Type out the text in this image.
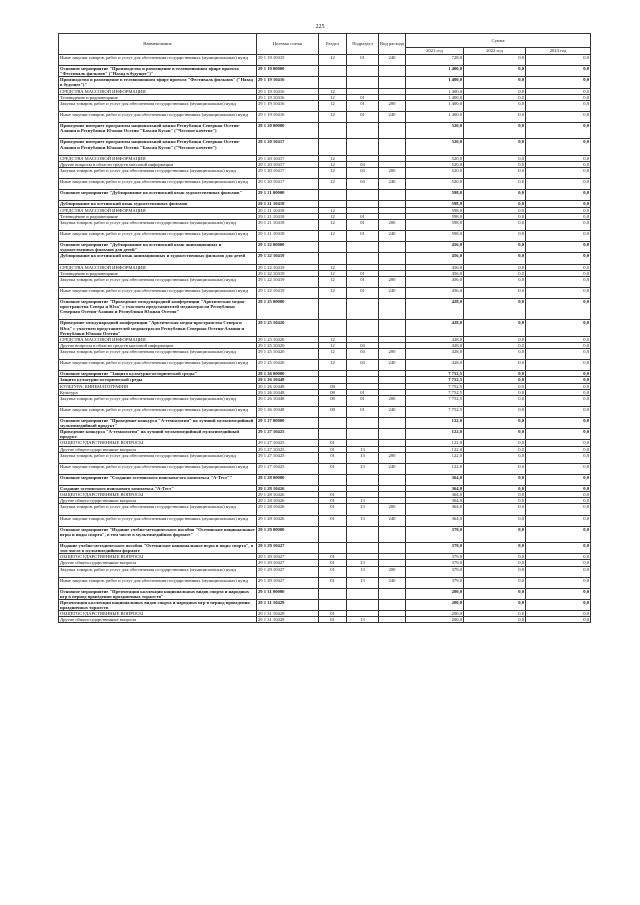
225
Наименование	Целевая статья	Раздел	Подраздел	Вид расхода	Сумма		
					2021 год	2022 год	2023 год
Иные закупки товаров, работ и услуг для обеспечения государственных (муниципальных) нужд	29 1 19 10415	12	01	240	728,0	0,0	0,0
Основное мероприятие "Производство и размещение в телевизионном эфире проекта "Фестиваль фильмов" ("Назад в будущее")"	29 1 19 00000				1 400,0	0,0	0,0
Производство и размещение в телевизионном эфире проекта "Фестиваль фильмов" ("Назад в будущее")"	29 1 19 10416				1 400,0	0,0	0,0
СРЕДСТВА МАССОВОЙ ИНФОРМАЦИИ	29 1 19 10416	12			1 400,0	0,0	0,0
Телевидение и радиовещание	29 1 19 10416	12	01		1 400,0	0,0	0,0
Закупка товаров, работ и услуг для обеспечения государственных (муниципальных) нужд	29 1 19 10416	12	01	200	1 400,0	0,0	0,0
Иные закупки товаров, работ и услуг для обеспечения государственных (муниципальных) нужд	29 1 19 10416	12	01	240	1 400,0	0,0	0,0
Проведение интернет программы национальной квизы Республики Северная Осетия-Алания и Республики Южная Осетия "Бахсан Кусон" ("Честное кочетие")	29 1 20 00000				520,0	0,0	0,0
Проведение интернет программы национальной квизы Республики Северная Осетия-Алания и Республики Южная Осетия "Бахсан Кусон" ("Честное кочетие")	29 1 20 10417				520,0	0,0	0,0
СРЕДСТВА МАССОВОЙ ИНФОРМАЦИИ	29 1 20 10417	12			520,0	0,0	0,0
Другие вопросы в области средств массовой информации	29 1 20 10417	12	04		520,0	0,0	0,0
Закупка товаров, работ и услуг для обеспечения государственных (муниципальных) нужд	29 1 20 10417	12	04	200	520,0	0,0	0,0
Иные закупки товаров, работ и услуг для обеспечения государственных (муниципальных) нужд	29 1 20 10417	12	04	240	520,0	0,0	0,0
Основное мероприятие "Дублирование на осетинский язык художественных фильмов"	29 1 21 00000				598,0	0,0	0,0
Дублирование на осетинский язык художественных фильмов	29 1 21 10418				598,0	0,0	0,0
СРЕДСТВА МАССОВОЙ ИНФОРМАЦИИ	29 1 21 10418	12			598,0	0,0	0,0
Телевидение и радиовещание	29 1 21 10418	12	01		598,0	0,0	0,0
Закупка товаров, работ и услуг для обеспечения государственных (муниципальных) нужд	29 1 21 10418	12	01	200	598,0	0,0	0,0
Иные закупки товаров, работ и услуг для обеспечения государственных (муниципальных) нужд	29 1 21 10418	12	01	240	598,0	0,0	0,0
Основное мероприятие "Дублирование на осетинский язык анимационных и художественных фильмов для детей"	29 1 22 00000				456,0	0,0	0,0
Дублирование на осетинский язык анимационных и художественных фильмов для детей	29 1 22 10419				456,0	0,0	0,0
СРЕДСТВА МАССОВОЙ ИНФОРМАЦИИ	29 1 22 10419	12			456,0	0,0	0,0
Телевидение и радиовещание	29 1 22 10419	12	01		456,0	0,0	0,0
Закупка товаров, работ и услуг для обеспечения государственных (муниципальных) нужд	29 1 22 10419	12	01	200	456,0	0,0	0,0
Иные закупки товаров, работ и услуг для обеспечения государственных (муниципальных) нужд	29 1 22 10419	12	01	240	456,0	0,0	0,0
Основное мероприятие "Проведение международной конференции "Арктическая медиа-пространства Севера и Юга" с участием представителей медиаотрасли Республики Северная Осетия-Алания и Республики Южная Осетия"	29 1 25 00000				428,0	0,0	0,0
Проведение международной конференции "Арктическая медиа-пространства Севера и Юга" с участием представителей медиаотрасли Республики Северная Осетия-Алания и Республики Южная Осетия"	29 1 25 10420				428,0	0,0	0,0
СРЕДСТВА МАССОВОЙ ИНФОРМАЦИИ	29 1 25 10420	12			428,0	0,0	0,0
Другие вопросы в области средств массовой информации	29 1 25 10420	12	04		428,0	0,0	0,0
Закупка товаров, работ и услуг для обеспечения государственных (муниципальных) нужд	29 1 25 10420	12	04	200	428,0	0,0	0,0
Иные закупки товаров, работ и услуг для обеспечения государственных (муниципальных) нужд	29 1 25 10420	12	04	240	428,0	0,0	0,0
Основное мероприятие "Защита культурно-исторической среды"	29 1 26 00000				7 752,5	0,0	0,0
Защита культурно-исторической среды	29 1 26 10448				7 752,5	0,0	0,0
КУЛЬТУРА, КИНЕМАТОГРАФИЯ	29 1 26 10448	08			7 752,5	0,0	0,0
Культура	29 1 26 10448	08	01		7 752,5	0,0	0,0
Закупка товаров, работ и услуг для обеспечения государственных (муниципальных) нужд	29 1 26 10448	08	01	200	7 752,5	0,0	0,0
Иные закупки товаров, работ и услуг для обеспечения государственных (муниципальных) нужд	29 1 26 10448	08	01	240	7 752,5	0,0	0,0
Основное мероприятие "Проведение конкурса "А-технология" на лучший мультимедийный мультимедийный продукт"	29 1 27 00000				122,0	0,0	0,0
Проведение конкурса "А-технология" на лучший мультимедийный мультимедийный продукт	29 1 27 10425				122,0	0,0	0,0
ОБЩЕГОСУДАРСТВЕННЫЕ ВОПРОСЫ	29 1 27 10425	01			122,0	0,0	0,0
Другие общегосударственные вопросы	29 1 27 10425	01	13		122,0	0,0	0,0
Закупка товаров, работ и услуг для обеспечения государственных (муниципальных) нужд	29 1 27 10425	01	13	200	122,0	0,0	0,0
Иные закупки товаров, работ и услуг для обеспечения государственных (муниципальных) нужд	29 1 27 10425	01	13	240	122,0	0,0	0,0
Основное мероприятие "Создание осетинского поисково-ого комплекса "А-Тест""	29 1 28 00000				364,0	0,0	0,0
Создание осетинского поискового комплекса "А-Тест"	29 1 28 10426				364,0	0,0	0,0
ОБЩЕГОСУДАРСТВЕННЫЕ ВОПРОСЫ	29 1 28 10426	01			364,0	0,0	0,0
Другие общегосударственные вопросы	29 1 28 10426	01	13		364,0	0,0	0,0
Закупка товаров, работ и услуг для обеспечения государственных (муниципальных) нужд	29 1 28 10426	01	13	200	364,0	0,0	0,0
Иные закупки товаров, работ и услуг для обеспечения государственных (муниципальных) нужд	29 1 28 10426	01	13	240	364,0	0,0	0,0
Основное мероприятие "Издание учебно-методического пособия "Осетинские национальные игры и виды спорта", в том числе в мультимедийном формате"	29 1 29 00000				379,0	0,0	0,0
Издание учебно-методического пособия "Осетинские национальные игры и виды спорта", в том числе в мультимедийном формате	29 1 29 10427				379,0	0,0	0,0
ОБЩЕГОСУДАРСТВЕННЫЕ ВОПРОСЫ	29 1 29 10427	01			379,0	0,0	0,0
Другие общегосударственные вопросы	29 1 29 10427	01	13		379,0	0,0	0,0
Закупка товаров, работ и услуг для обеспечения государственных (муниципальных) нужд	29 1 29 10427	01	13	200	379,0	0,0	0,0
Иные закупки товаров, работ и услуг для обеспечения государственных (муниципальных) нужд	29 1 29 10427	01	13	240	379,0	0,0	0,0
Основное мероприятие "Презентация коллекции национальных видов спорта и народных игр в период проведения праздничных торжеств"	29 1 31 00000				200,0	0,0	0,0
Презентация коллекции национальных видов спорта и народных игр в период проведения праздничных торжеств	29 1 31 10429				200,0	0,0	0,0
ОБЩЕГОСУДАРСТВЕННЫЕ ВОПРОСЫ	29 1 31 10429	01			200,0	0,0	0,0
Другие общегосударственные вопросы	29 1 31 10429	01	13		200,0	0,0	0,0
